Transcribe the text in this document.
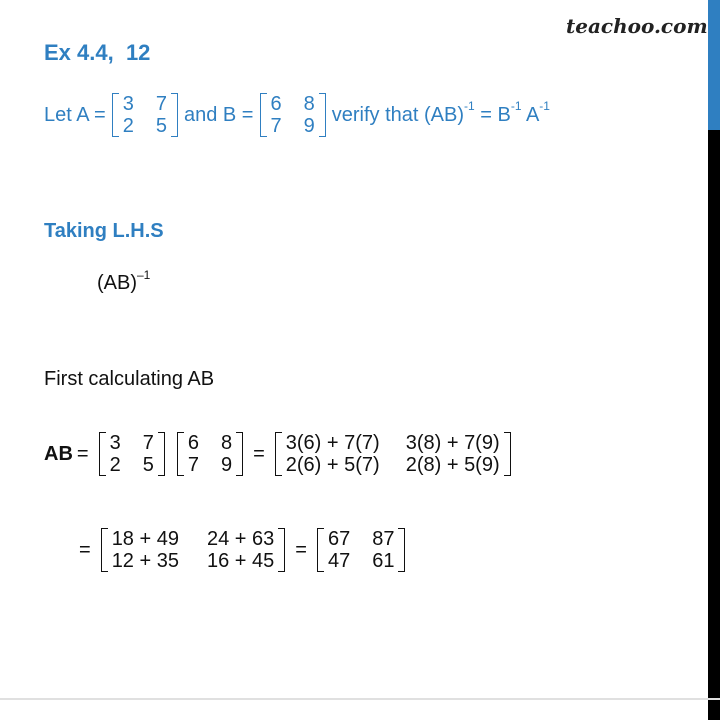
teachoo.com
Ex 4.4,  12
Let A = 3 7
2 5
and B = 6 8
7 9
verify that (AB) -1 = B -1 A -1
Taking L.H.S
(AB) –1
First calculating AB
AB = 3 7
2 5
6 8
7 9
= 3(6) + 7(7) 3(8) + 7(9)
2(6) + 5(7) 2(8) + 5(9)
= 18 + 49 24 + 63
12 + 35 16 + 45
= 67 87
47 61
